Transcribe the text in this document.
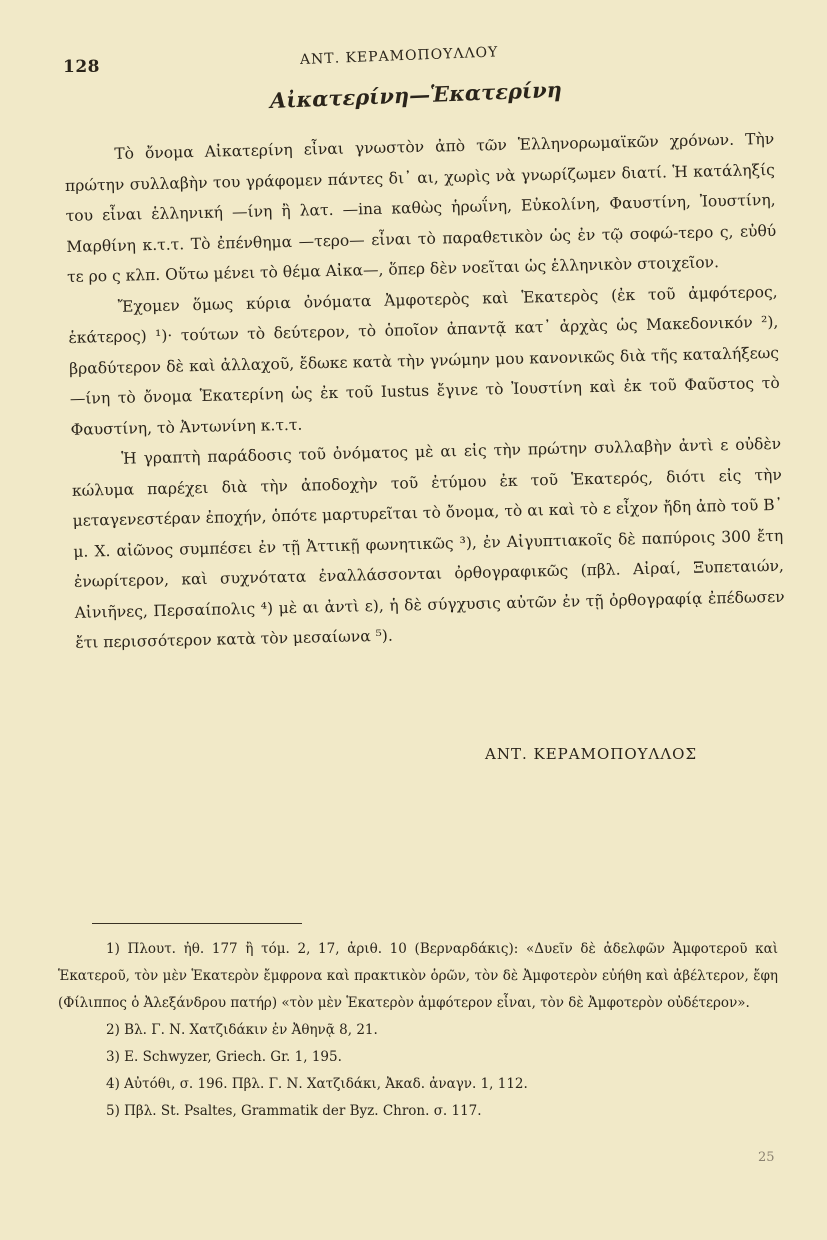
128	ΑΝΤ. ΚΕΡΑΜΟΠΟΥΛΛΟΥ
Αἰκατερίνη—Ἑκατερίνη

Τὸ ὄνομα Αἰκατερίνη εἶναι γνωστὸν ἀπὸ τῶν Ἑλληνορωμαϊκῶν χρόνων. Τὴν πρώτην συλλαβὴν του γράφομεν πάντες δι᾿ αι, χωρὶς νὰ γνωρίζωμεν διατί. Ἡ κατάληξίς του εἶναι ἑλληνική —ίνη ἢ λατ. —ina καθὼς ἡρωΐνη, Εὐκολίνη, Φαυστίνη, Ἰουστίνη, Μαρθίνη κ.τ.τ. Τὸ ἐπένθημα —τερο— εἶναι τὸ παραθετικὸν ὡς ἐν τῷ σοφώ-τερο ς, εὐθύ τε ρο ς κλπ. Οὕτω μένει τὸ θέμα Αἰκα—, ὅπερ δὲν νοεῖται ὡς ἑλληνικὸν στοιχεῖον.

Ἔχομεν ὅμως κύρια ὀνόματα Ἀμφοτερὸς καὶ Ἑκατερὸς (ἐκ τοῦ ἀμφότερος, ἑκάτερος) ¹)· τούτων τὸ δεύτερον, τὸ ὁποῖον ἀπαντᾷ κατ᾿ ἀρχὰς ὡς Μακεδονικόν ²), βραδύτερον δὲ καὶ ἀλλαχοῦ, ἔδωκε κατὰ τὴν γνώμην μου κανονικῶς διὰ τῆς καταλήξεως —ίνη τὸ ὄνομα Ἑκατερίνη ὡς ἐκ τοῦ Iustus ἔγινε τὸ Ἰουστίνη καὶ ἐκ τοῦ Φαῦστος τὸ Φαυστίνη, τὸ Ἀντωνίνη κ.τ.τ.

Ἡ γραπτὴ παράδοσις τοῦ ὀνόματος μὲ αι εἰς τὴν πρώτην συλλαβὴν ἀντὶ ε οὐδὲν κώλυμα παρέχει διὰ τὴν ἀποδοχὴν τοῦ ἐτύμου ἐκ τοῦ Ἑκατερός, διότι εἰς τὴν μεταγενεστέραν ἐποχήν, ὁπότε μαρτυρεῖται τὸ ὄνομα, τὸ αι καὶ τὸ ε εἶχον ἤδη ἀπὸ τοῦ Β᾿ μ. Χ. αἰῶνος συμπέσει ἐν τῇ Ἀττικῇ φωνητικῶς ³), ἐν Αἰγυπτιακοῖς δὲ παπύροις 300 ἔτη ἐνωρίτερον, καὶ συχνότατα ἐναλλάσσονται ὀρθογραφικῶς (πβλ. Αἰραί, Ξυπεταιών, Αἰνιῆνες, Περσαίπολις ⁴) μὲ αι ἀντὶ ε), ἡ δὲ σύγχυσις αὐτῶν ἐν τῇ ὀρθογραφίᾳ ἐπέδωσεν ἔτι περισσότερον κατὰ τὸν μεσαίωνα ⁵).

ΑΝΤ. ΚΕΡΑΜΟΠΟΥΛΛΟΣ

1) Πλουτ. ἠθ. 177 ἢ τόμ. 2, 17, ἀριθ. 10 (Βερναρδάκις): «Δυεῖν δὲ ἀδελφῶν Ἀμφοτεροῦ καὶ Ἑκατεροῦ, τὸν μὲν Ἑκατερὸν ἔμφρονα καὶ πρακτικὸν ὁρῶν, τὸν δὲ Ἀμφοτερὸν εὐήθη καὶ ἀβέλτερον, ἔφη (Φίλιππος ὁ Ἀλεξάνδρου πατήρ) «τὸν μὲν Ἑκατερὸν ἀμφότερον εἶναι, τὸν δὲ Ἀμφοτερὸν οὐδέτερον».

2) Βλ. Γ. Ν. Χατζιδάκιν ἐν Ἀθηνᾷ 8, 21.

3) E. Schwyzer, Griech. Gr. 1, 195.

4) Αὐτόθι, σ. 196. Πβλ. Γ. Ν. Χατζιδάκι, Ἀκαδ. ἀναγν. 1, 112.

5) Πβλ. St. Psaltes, Grammatik der Byz. Chron. σ. 117.

25
